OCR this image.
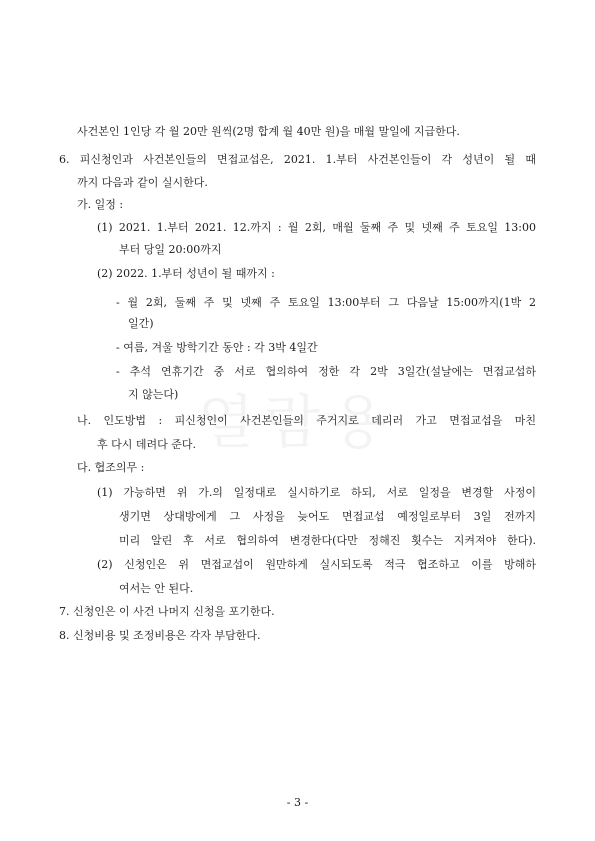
사건본인 1인당 각 월 20만 원씩(2명 합계 월 40만 원)을 매월 말일에 지급한다.
6. 피신청인과 사건본인들의 면접교섭은, 2021. 1.부터 사건본인들이 각 성년이 될 때
까지 다음과 같이 실시한다.
가. 일정 :
(1) 2021. 1.부터 2021. 12.까지 : 월 2회, 매월 둘째 주 및 넷째 주 토요일 13:00
부터 당일 20:00까지
(2) 2022. 1.부터 성년이 될 때까지 :
- 월 2회, 둘째 주 및 넷째 주 토요일 13:00부터 그 다음날 15:00까지(1박 2
일간)
- 여름, 겨울 방학기간 동안 : 각 3박 4일간
- 추석 연휴기간 중 서로 협의하여 정한 각 2박 3일간(설날에는 면접교섭하
지 않는다)
나. 인도방법 : 피신청인이 사건본인들의 주거지로 데리러 가고 면접교섭을 마친
후 다시 데려다 준다.
다. 협조의무 :
(1) 가능하면 위 가.의 일정대로 실시하기로 하되, 서로 일정을 변경할 사정이
생기면 상대방에게 그 사정을 늦어도 면접교섭 예정일로부터 3일 전까지
미리 알린 후 서로 협의하여 변경한다(다만 정해진 횟수는 지켜져야 한다).
(2) 신청인은 위 면접교섭이 원만하게 실시되도록 적극 협조하고 이를 방해하
여서는 안 된다.
7. 신청인은 이 사건 나머지 신청을 포기한다.
8. 신청비용 및 조정비용은 각자 부담한다.
- 3 -
